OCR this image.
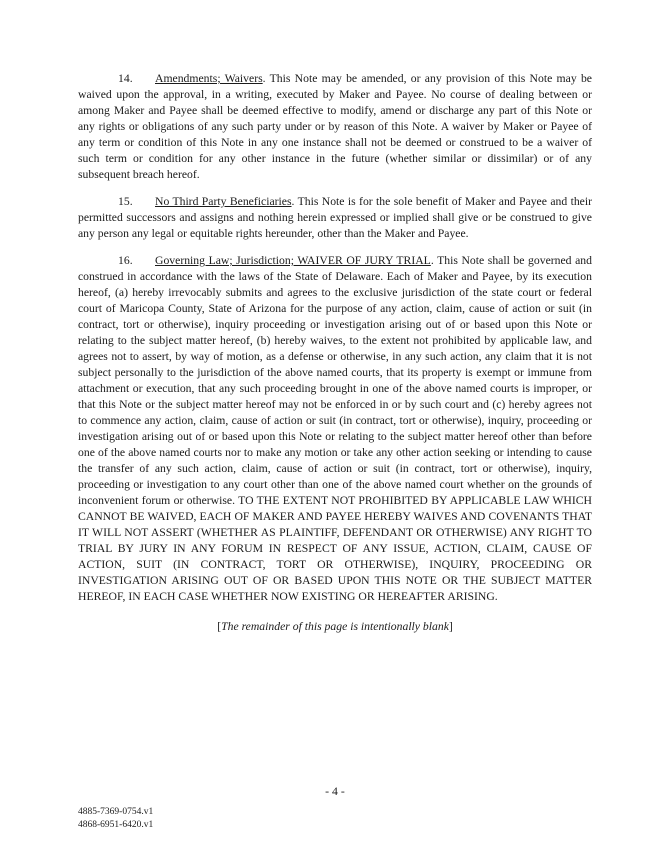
14. Amendments; Waivers. This Note may be amended, or any provision of this Note may be waived upon the approval, in a writing, executed by Maker and Payee. No course of dealing between or among Maker and Payee shall be deemed effective to modify, amend or discharge any part of this Note or any rights or obligations of any such party under or by reason of this Note. A waiver by Maker or Payee of any term or condition of this Note in any one instance shall not be deemed or construed to be a waiver of such term or condition for any other instance in the future (whether similar or dissimilar) or of any subsequent breach hereof.

15. No Third Party Beneficiaries. This Note is for the sole benefit of Maker and Payee and their permitted successors and assigns and nothing herein expressed or implied shall give or be construed to give any person any legal or equitable rights hereunder, other than the Maker and Payee.

16. Governing Law; Jurisdiction; WAIVER OF JURY TRIAL. This Note shall be governed and construed in accordance with the laws of the State of Delaware. Each of Maker and Payee, by its execution hereof, (a) hereby irrevocably submits and agrees to the exclusive jurisdiction of the state court or federal court of Maricopa County, State of Arizona for the purpose of any action, claim, cause of action or suit (in contract, tort or otherwise), inquiry proceeding or investigation arising out of or based upon this Note or relating to the subject matter hereof, (b) hereby waives, to the extent not prohibited by applicable law, and agrees not to assert, by way of motion, as a defense or otherwise, in any such action, any claim that it is not subject personally to the jurisdiction of the above named courts, that its property is exempt or immune from attachment or execution, that any such proceeding brought in one of the above named courts is improper, or that this Note or the subject matter hereof may not be enforced in or by such court and (c) hereby agrees not to commence any action, claim, cause of action or suit (in contract, tort or otherwise), inquiry, proceeding or investigation arising out of or based upon this Note or relating to the subject matter hereof other than before one of the above named courts nor to make any motion or take any other action seeking or intending to cause the transfer of any such action, claim, cause of action or suit (in contract, tort or otherwise), inquiry, proceeding or investigation to any court other than one of the above named court whether on the grounds of inconvenient forum or otherwise. TO THE EXTENT NOT PROHIBITED BY APPLICABLE LAW WHICH CANNOT BE WAIVED, EACH OF MAKER AND PAYEE HEREBY WAIVES AND COVENANTS THAT IT WILL NOT ASSERT (WHETHER AS PLAINTIFF, DEFENDANT OR OTHERWISE) ANY RIGHT TO TRIAL BY JURY IN ANY FORUM IN RESPECT OF ANY ISSUE, ACTION, CLAIM, CAUSE OF ACTION, SUIT (IN CONTRACT, TORT OR OTHERWISE), INQUIRY, PROCEEDING OR INVESTIGATION ARISING OUT OF OR BASED UPON THIS NOTE OR THE SUBJECT MATTER HEREOF, IN EACH CASE WHETHER NOW EXISTING OR HEREAFTER ARISING.

[The remainder of this page is intentionally blank]
- 4 -
4885-7369-0754.v1
4868-6951-6420.v1
